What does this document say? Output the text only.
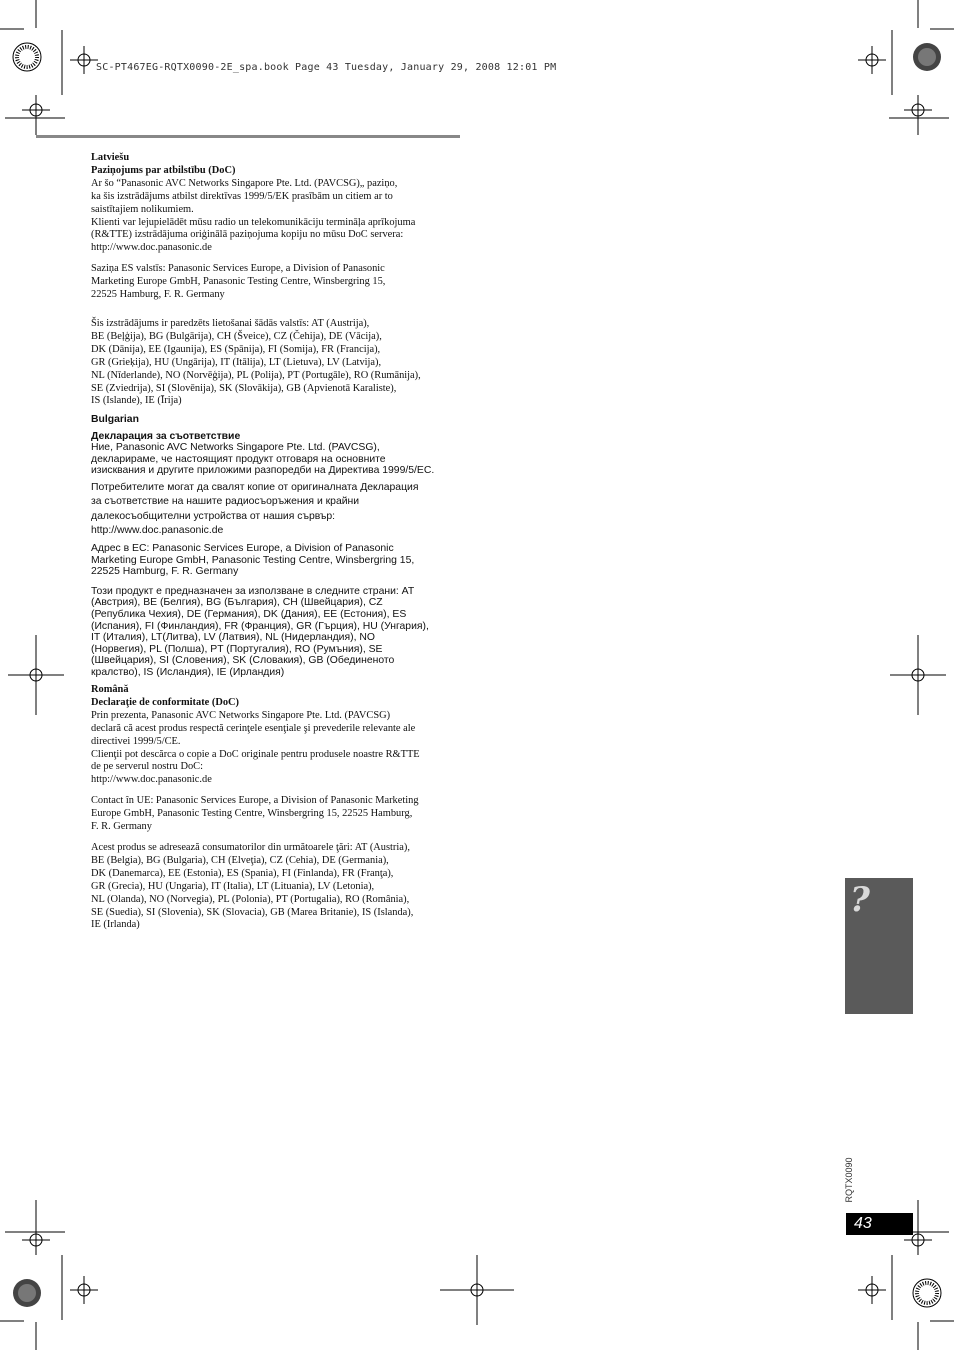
SC-PT467EG-RQTX0090-2E_spa.book Page 43 Tuesday, January 29, 2008 12:01 PM

Latviešu

Paziņojums par atbilstību (DoC)

Ar šo “Panasonic AVC Networks Singapore Pte. Ltd. (PAVCSG)„ paziņo,
ka šis izstrādājums atbilst direktīvas 1999/5/EK prasībām un citiem ar to
saistītajiem nolikumiem.
Klienti var lejupielādēt mūsu radio un telekomunikāciju termināļa aprīkojuma
(R&TTE) izstrādājuma oriģinālā paziņojuma kopiju no mūsu DoC servera:
http://www.doc.panasonic.de

Saziņa ES valstīs: Panasonic Services Europe, a Division of Panasonic
Marketing Europe GmbH, Panasonic Testing Centre, Winsbergring 15,
22525 Hamburg, F. R. Germany

Šis izstrādājums ir paredzēts lietošanai šādās valstīs: AT (Austrija),
BE (Beļģija), BG (Bulgārija), CH (Šveice), CZ (Čehija), DE (Vācija),
DK (Dānija), EE (Igaunija), ES (Spānija), FI (Somija), FR (Francija),
GR (Grieķija), HU (Ungārija), IT (Itālija), LT (Lietuva), LV (Latvija),
NL (Nīderlande), NO (Norvēģija), PL (Polija), PT (Portugāle), RO (Rumānija),
SE (Zviedrija), SI (Slovēnija), SK (Slovākija), GB (Apvienotā Karaliste),
IS (Islande), IE (Īrija)

Bulgarian

Декларация за съответствие

Ние, Panasonic AVC Networks Singapore Pte. Ltd. (PAVCSG),
декларираме, че настоящият продукт отговаря на основните
изисквания и другите приложими разпоредби на Директива 1999/5/EC.

Потребителите могат да свалят копие от оригиналната Декларация
за съответствие на нашите радиосъоръжения и крайни
далекосъобщителни устройства от нашия сървър:

http://www.doc.panasonic.de

Адрес в ЕС: Panasonic Services Europe, a Division of Panasonic
Marketing Europe GmbH, Panasonic Testing Centre, Winsbergring 15,
22525 Hamburg, F. R. Germany

Този продукт е предназначен за използване в следните страни: AT
(Австрия), BE (Белгия), BG (България), CH (Швейцария), CZ
(Република Чехия), DE (Германия), DK (Дания), EE (Естония), ES
(Испания), FI (Финландия), FR (Франция), GR (Гърция), HU (Унгария),
IT (Италия), LT(Литва), LV (Латвия), NL (Нидерландия), NO
(Норвегия), PL (Полша), PT (Португалия), RO (Румъния), SE
(Швейцария), SI (Словения), SK (Словакия), GB (Обединеното
кралство), IS (Исландия), IE (Ирландия)

Română

Declaraţie de conformitate (DoC)

Prin prezenta, Panasonic AVC Networks Singapore Pte. Ltd. (PAVCSG)
declară că acest produs respectă cerinţele esenţiale şi prevederile relevante ale
directivei 1999/5/CE.
Clienţii pot descărca o copie a DoC originale pentru produsele noastre R&TTE
de pe serverul nostru DoC:
http://www.doc.panasonic.de

Contact în UE: Panasonic Services Europe, a Division of Panasonic Marketing
Europe GmbH, Panasonic Testing Centre, Winsbergring 15, 22525 Hamburg,
F. R. Germany

Acest produs se adresează consumatorilor din următoarele ţări: AT (Austria),
BE (Belgia), BG (Bulgaria), CH (Elveţia), CZ (Cehia), DE (Germania),
DK (Danemarca), EE (Estonia), ES (Spania), FI (Finlanda), FR (Franţa),
GR (Grecia), HU (Ungaria), IT (Italia), LT (Lituania), LV (Letonia),
NL (Olanda), NO (Norvegia), PL (Polonia), PT (Portugalia), RO (România),
SE (Suedia), SI (Slovenia), SK (Slovacia), GB (Marea Britanie), IS (Islanda),
IE (Irlanda)

?
RQTX0090
43
